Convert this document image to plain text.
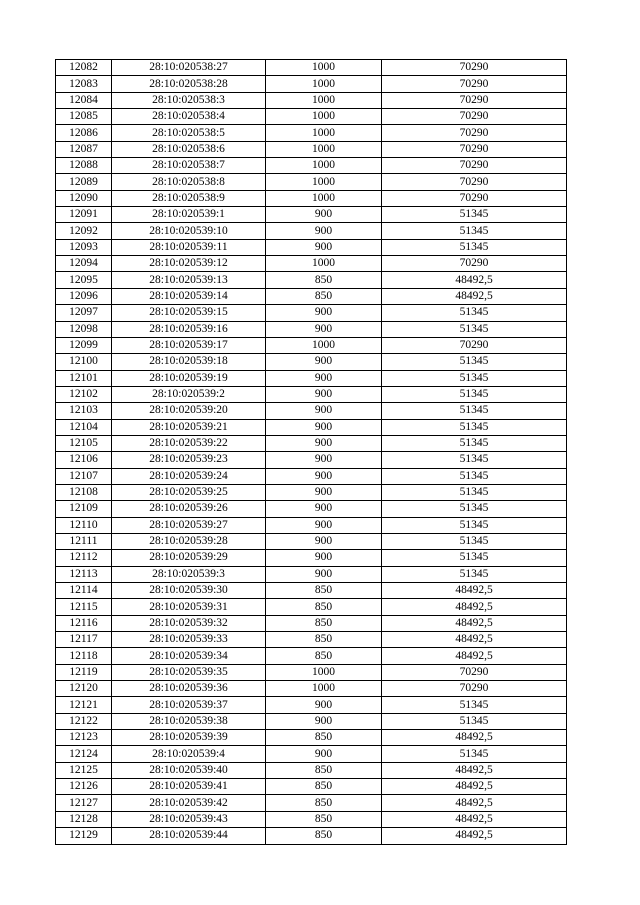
12082	28:10:020538:27	1000	70290
12083	28:10:020538:28	1000	70290
12084	28:10:020538:3	1000	70290
12085	28:10:020538:4	1000	70290
12086	28:10:020538:5	1000	70290
12087	28:10:020538:6	1000	70290
12088	28:10:020538:7	1000	70290
12089	28:10:020538:8	1000	70290
12090	28:10:020538:9	1000	70290
12091	28:10:020539:1	900	51345
12092	28:10:020539:10	900	51345
12093	28:10:020539:11	900	51345
12094	28:10:020539:12	1000	70290
12095	28:10:020539:13	850	48492,5
12096	28:10:020539:14	850	48492,5
12097	28:10:020539:15	900	51345
12098	28:10:020539:16	900	51345
12099	28:10:020539:17	1000	70290
12100	28:10:020539:18	900	51345
12101	28:10:020539:19	900	51345
12102	28:10:020539:2	900	51345
12103	28:10:020539:20	900	51345
12104	28:10:020539:21	900	51345
12105	28:10:020539:22	900	51345
12106	28:10:020539:23	900	51345
12107	28:10:020539:24	900	51345
12108	28:10:020539:25	900	51345
12109	28:10:020539:26	900	51345
12110	28:10:020539:27	900	51345
12111	28:10:020539:28	900	51345
12112	28:10:020539:29	900	51345
12113	28:10:020539:3	900	51345
12114	28:10:020539:30	850	48492,5
12115	28:10:020539:31	850	48492,5
12116	28:10:020539:32	850	48492,5
12117	28:10:020539:33	850	48492,5
12118	28:10:020539:34	850	48492,5
12119	28:10:020539:35	1000	70290
12120	28:10:020539:36	1000	70290
12121	28:10:020539:37	900	51345
12122	28:10:020539:38	900	51345
12123	28:10:020539:39	850	48492,5
12124	28:10:020539:4	900	51345
12125	28:10:020539:40	850	48492,5
12126	28:10:020539:41	850	48492,5
12127	28:10:020539:42	850	48492,5
12128	28:10:020539:43	850	48492,5
12129	28:10:020539:44	850	48492,5
